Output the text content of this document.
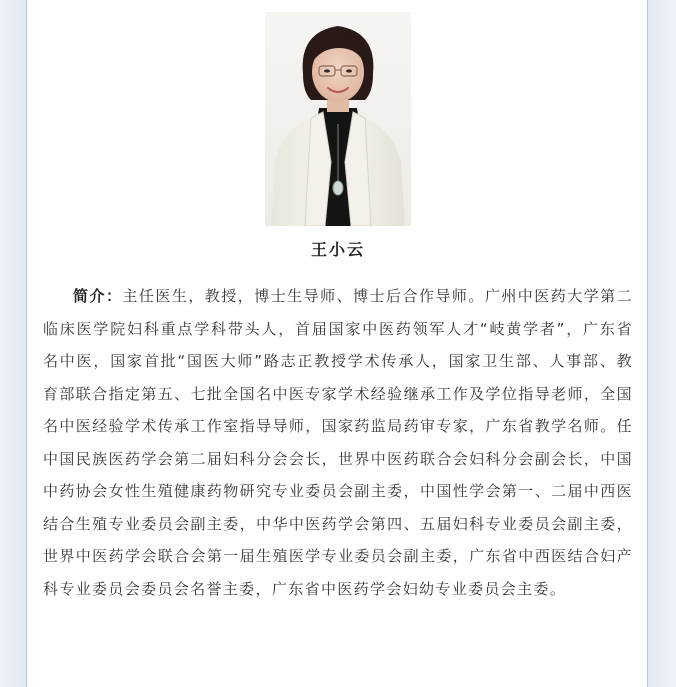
王小云

简介：主任医生，教授，博士生导师、博士后合作导师。广州中医药大学第二临床医学院妇科重点学科带头人，首届国家中医药领军人才“岐黄学者”，广东省名中医，国家首批“国医大师”路志正教授学术传承人，国家卫生部、人事部、教育部联合指定第五、七批全国名中医专家学术经验继承工作及学位指导老师，全国名中医经验学术传承工作室指导导师，国家药监局药审专家，广东省教学名师。任中国民族医药学会第二届妇科分会会长，世界中医药联合会妇科分会副会长，中国中药协会女性生殖健康药物研究专业委员会副主委，中国性学会第一、二届中西医结合生殖专业委员会副主委，中华中医药学会第四、五届妇科专业委员会副主委，世界中医药学会联合会第一届生殖医学专业委员会副主委，广东省中西医结合妇产科专业委员会委员会名誉主委，广东省中医药学会妇幼专业委员会主委。
